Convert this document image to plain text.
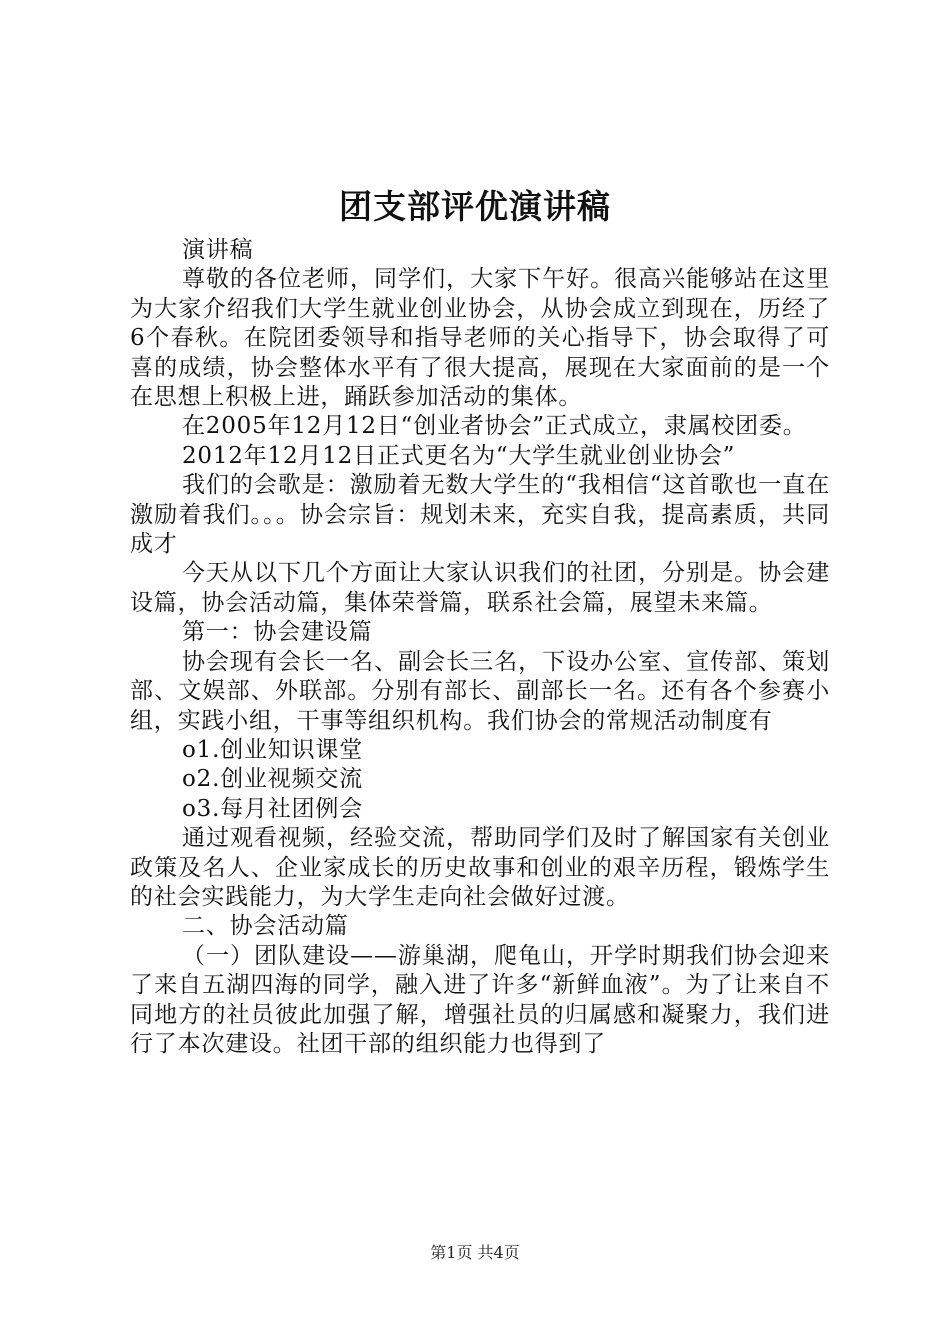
团支部评优演讲稿

演讲稿

尊敬的各位老师，同学们，大家下午好。很高兴能够站在这里为大家介绍我们大学生就业创业协会，从协会成立到现在，历经了6个春秋。在院团委领导和指导老师的关心指导下，协会取得了可喜的成绩，协会整体水平有了很大提高，展现在大家面前的是一个在思想上积极上进，踊跃参加活动的集体。

在2005年12月12日“创业者协会”正式成立，隶属校团委。

2012年12月12日正式更名为“大学生就业创业协会”

我们的会歌是：激励着无数大学生的“我相信“这首歌也一直在激励着我们。。。协会宗旨：规划未来，充实自我，提高素质，共同成才

今天从以下几个方面让大家认识我们的社团，分别是。协会建设篇，协会活动篇，集体荣誉篇，联系社会篇，展望未来篇。

第一：协会建设篇

协会现有会长一名、副会长三名，下设办公室、宣传部、策划部、文娱部、外联部。分别有部长、副部长一名。还有各个参赛小组，实践小组，干事等组织机构。我们协会的常规活动制度有

o1.创业知识课堂

o2.创业视频交流

o3.每月社团例会

通过观看视频，经验交流，帮助同学们及时了解国家有关创业政策及名人、企业家成长的历史故事和创业的艰辛历程，锻炼学生的社会实践能力，为大学生走向社会做好过渡。

二、协会活动篇

（一）团队建设——游巢湖，爬龟山，开学时期我们协会迎来了来自五湖四海的同学，融入进了许多“新鲜血液”。为了让来自不同地方的社员彼此加强了解，增强社员的归属感和凝聚力，我们进行了本次建设。社团干部的组织能力也得到了

第1页 共4页
